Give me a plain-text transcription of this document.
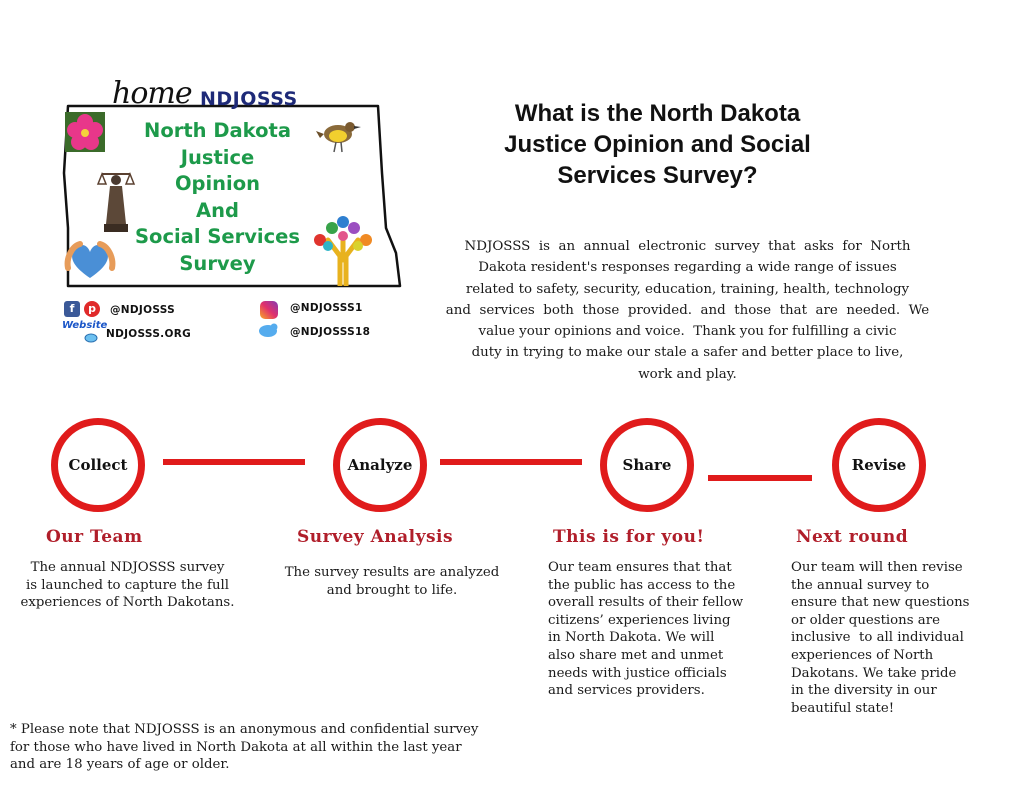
home NDJOSSS
North Dakota
Justice
Opinion
And
Social Services
Survey
f	p	@NDJOSSS
Website
NDJOSSS.ORG
@NDJOSSS1
@NDJOSSS18
What is the North Dakota
Justice Opinion and Social
Services Survey?
NDJOSSS  is  an  annual  electronic  survey  that  asks  for  North
Dakota resident's responses regarding a wide range of issues
related to safety, security, education, training, health, technology
and  services  both  those  provided.  and  those  that  are  needed.  We
value your opinions and voice.  Thank you for fulfilling a civic
duty in trying to make our stale a safer and better place to live,
work and play.
Collect	Analyze	Share	Revise
Our Team	Survey Analysis	This is for you!	Next round
The annual NDJOSSS survey
is launched to capture the full
experiences of North Dakotans.
The survey results are analyzed
and brought to life.
Our team ensures that that
the public has access to the
overall results of their fellow
citizens’ experiences living
in North Dakota. We will
also share met and unmet
needs with justice officials
and services providers.
Our team will then revise
the annual survey to
ensure that new questions
or older questions are
inclusive  to all individual
experiences of North
Dakotans. We take pride
in the diversity in our
beautiful state!
* Please note that NDJOSSS is an anonymous and confidential survey
for those who have lived in North Dakota at all within the last year
and are 18 years of age or older.
